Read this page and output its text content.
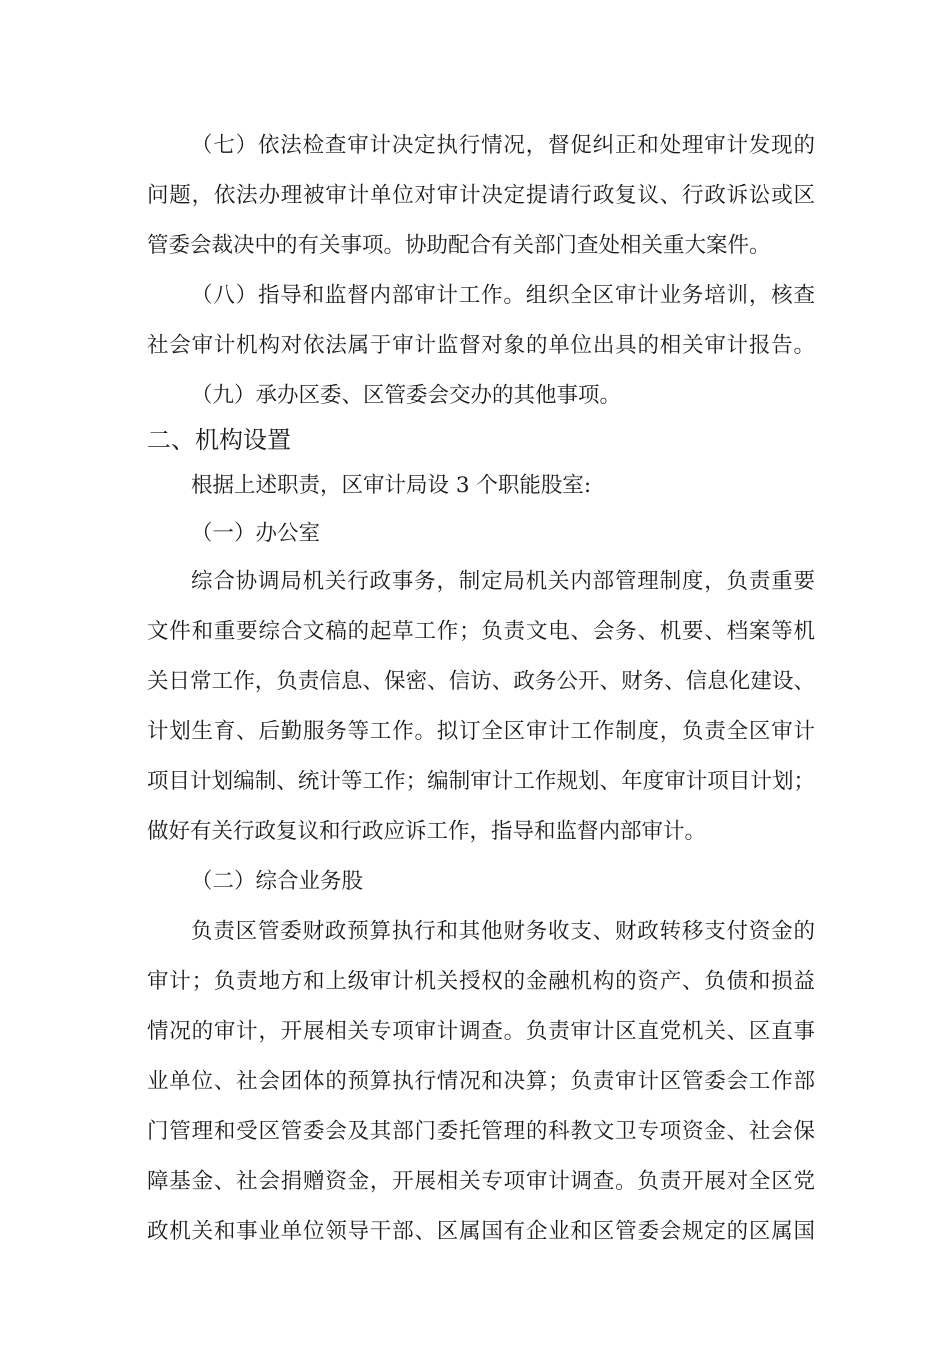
（七）依法检查审计决定执行情况，督促纠正和处理审计发现的
问题，依法办理被审计单位对审计决定提请行政复议、行政诉讼或区
管委会裁决中的有关事项。协助配合有关部门查处相关重大案件。
（八）指导和监督内部审计工作。组织全区审计业务培训，核查
社会审计机构对依法属于审计监督对象的单位出具的相关审计报告。
（九）承办区委、区管委会交办的其他事项。
二、机构设置
根据上述职责，区审计局设 3 个职能股室:
（一）办公室
综合协调局机关行政事务，制定局机关内部管理制度，负责重要
文件和重要综合文稿的起草工作；负责文电、会务、机要、档案等机
关日常工作，负责信息、保密、信访、政务公开、财务、信息化建设、
计划生育、后勤服务等工作。拟订全区审计工作制度，负责全区审计
项目计划编制、统计等工作；编制审计工作规划、年度审计项目计划；
做好有关行政复议和行政应诉工作，指导和监督内部审计。
（二）综合业务股
负责区管委财政预算执行和其他财务收支、财政转移支付资金的
审计；负责地方和上级审计机关授权的金融机构的资产、负债和损益
情况的审计，开展相关专项审计调查。负责审计区直党机关、区直事
业单位、社会团体的预算执行情况和决算；负责审计区管委会工作部
门管理和受区管委会及其部门委托管理的科教文卫专项资金、社会保
障基金、社会捐赠资金，开展相关专项审计调查。负责开展对全区党
政机关和事业单位领导干部、区属国有企业和区管委会规定的区属国
